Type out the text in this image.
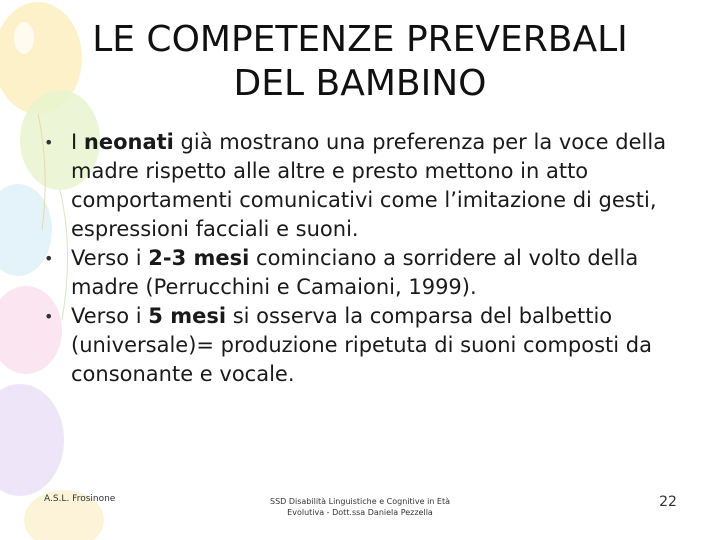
LE COMPETENZE PREVERBALI
DEL BAMBINO

• I neonati già mostrano una preferenza per la voce della madre rispetto alle altre e presto mettono in atto comportamenti comunicativi come l’imitazione di gesti, espressioni facciali e suoni.

• Verso i 2-3 mesi cominciano a sorridere al volto della madre (Perrucchini e Camaioni, 1999).

• Verso i 5 mesi si osserva la comparsa del balbettio (universale)= produzione ripetuta di suoni composti da consonante e vocale.

A.S.L. Frosinone	SSD Disabilità Linguistiche e Cognitive in Età
Evolutiva - Dott.ssa Daniela Pezzella
22
